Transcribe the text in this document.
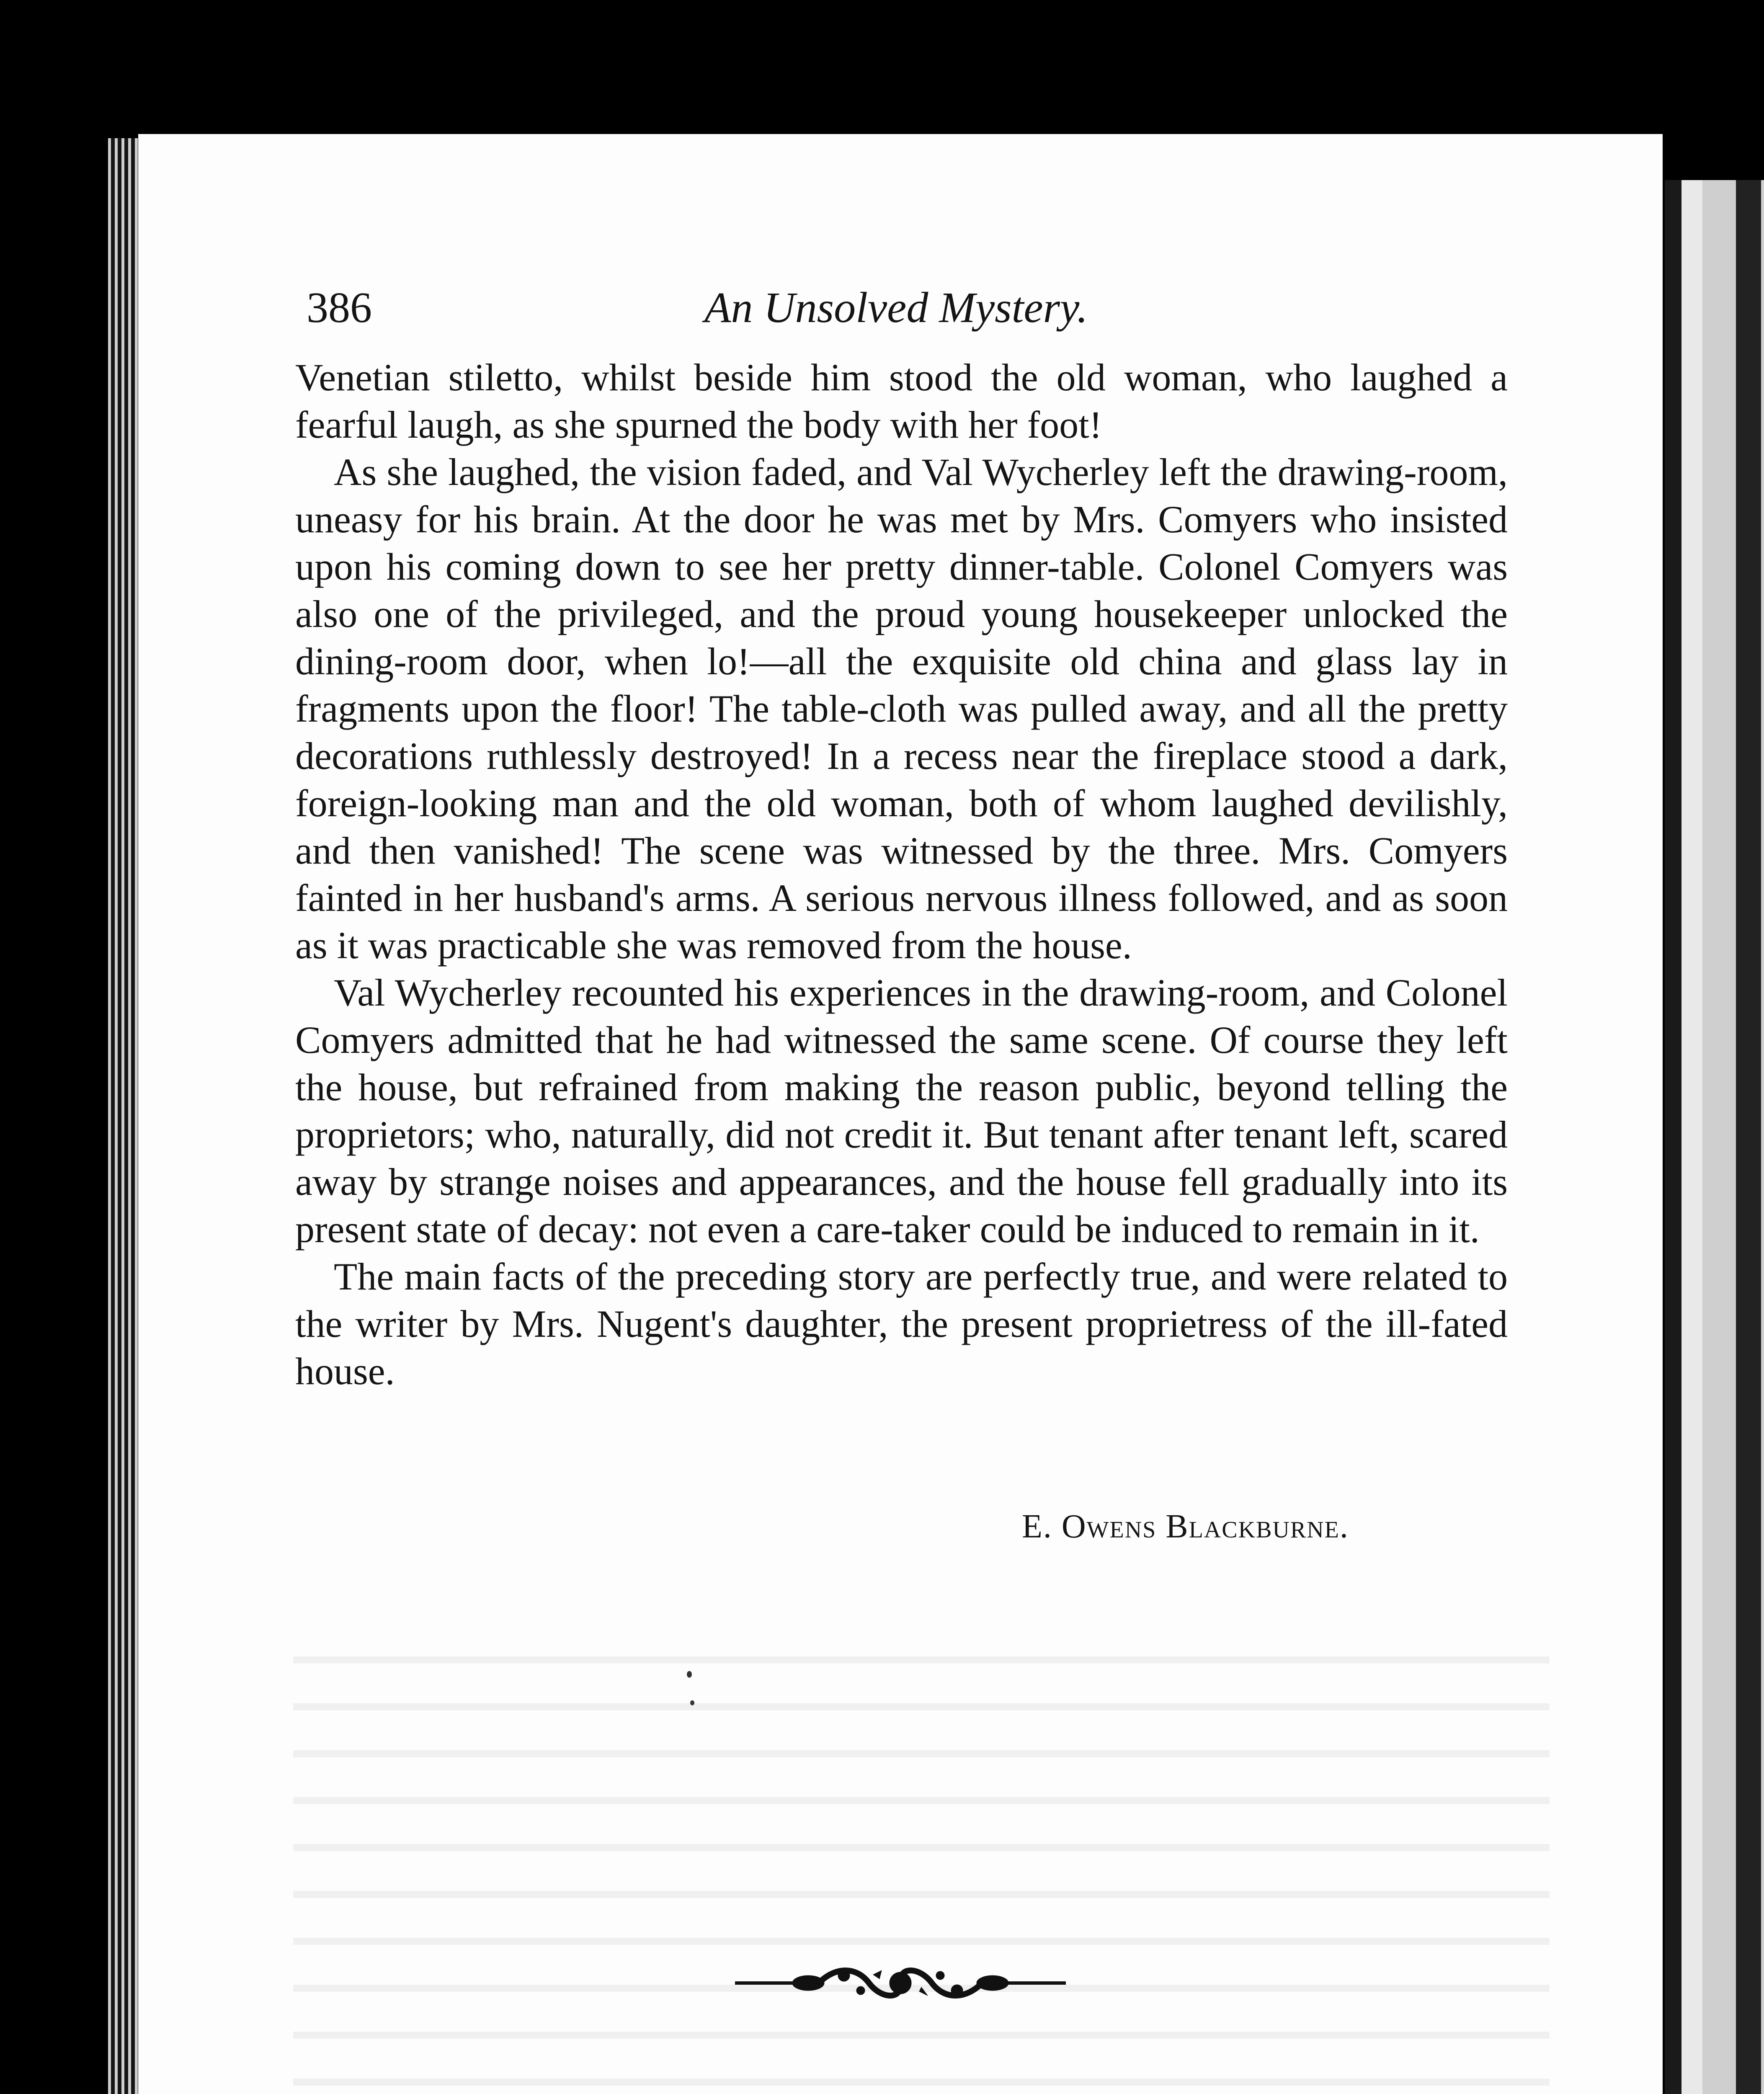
386	An Unsolved Mystery.

Venetian stiletto, whilst beside him stood the old woman, who laughed a fearful laugh, as she spurned the body with her foot!

As she laughed, the vision faded, and Val Wycherley left the drawing-room, uneasy for his brain. At the door he was met by Mrs. Comyers who insisted upon his coming down to see her pretty dinner-table. Colonel Comyers was also one of the privileged, and the proud young housekeeper unlocked the dining-room door, when lo!—all the exquisite old china and glass lay in fragments upon the floor! The table-cloth was pulled away, and all the pretty decorations ruthlessly destroyed! In a recess near the fireplace stood a dark, foreign-looking man and the old woman, both of whom laughed devilishly, and then vanished! The scene was witnessed by the three. Mrs. Comyers fainted in her husband's arms. A serious nervous illness followed, and as soon as it was practicable she was removed from the house.

Val Wycherley recounted his experiences in the drawing-room, and Colonel Comyers admitted that he had witnessed the same scene. Of course they left the house, but refrained from making the reason public, beyond telling the proprietors; who, naturally, did not credit it. But tenant after tenant left, scared away by strange noises and appearances, and the house fell gradually into its present state of decay: not even a care-taker could be induced to remain in it.

The main facts of the preceding story are perfectly true, and were related to the writer by Mrs. Nugent's daughter, the present proprietress of the ill-fated house.

E. Owens Blackburne.
